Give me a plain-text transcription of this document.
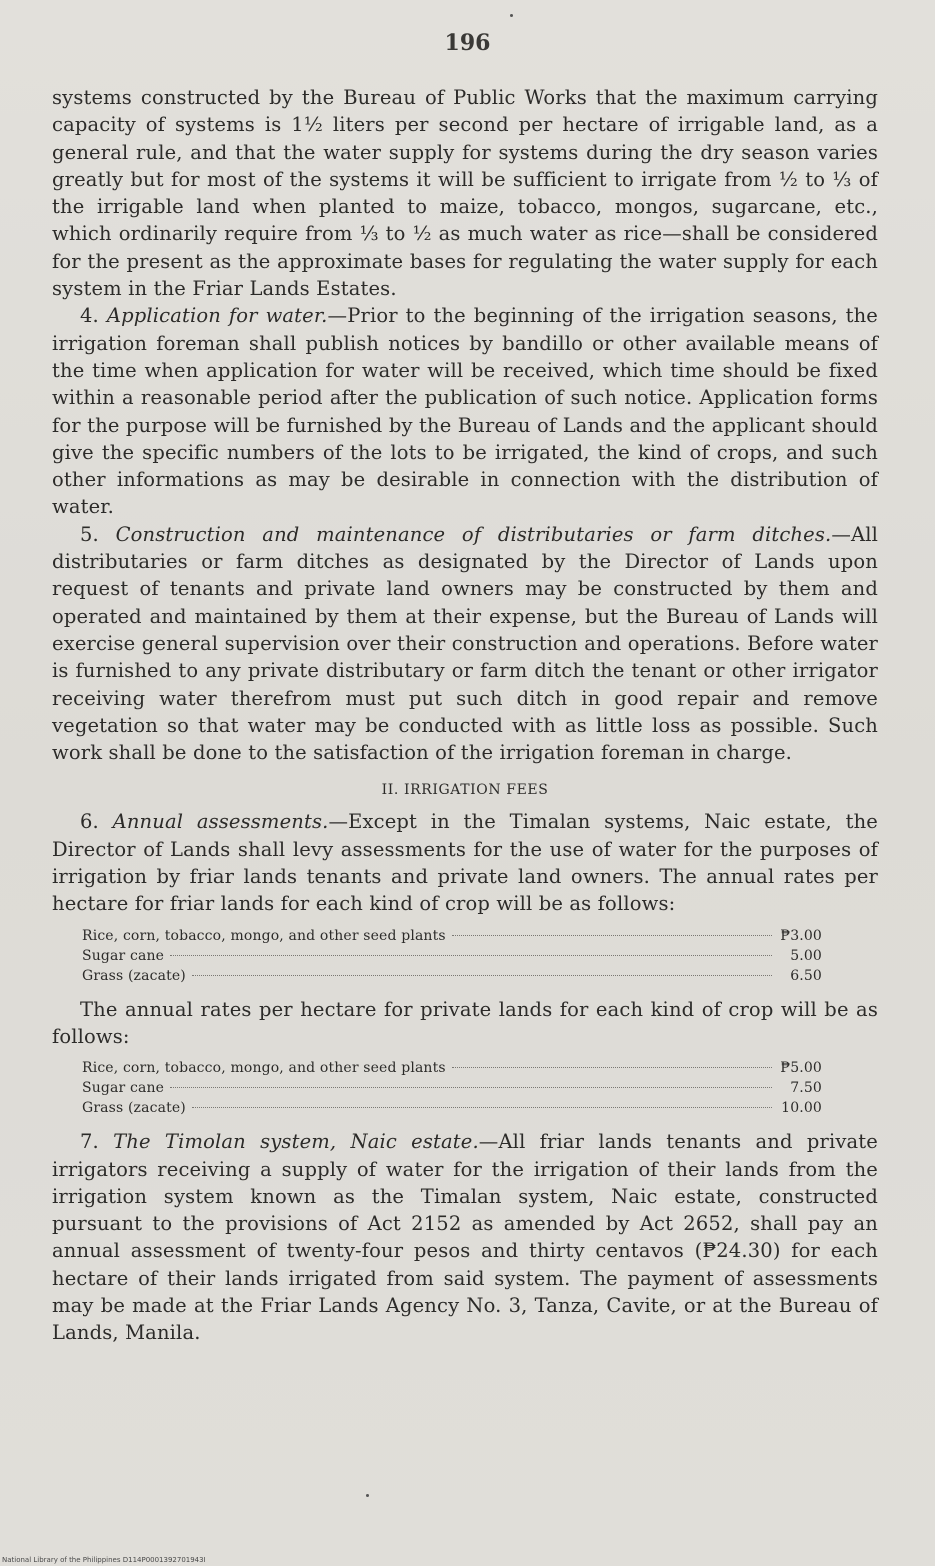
196

systems constructed by the Bureau of Public Works that the maximum carrying capacity of systems is 1½ liters per second per hectare of irrigable land, as a general rule, and that the water supply for systems during the dry season varies greatly but for most of the systems it will be sufficient to irrigate from ½ to ⅓ of the irrigable land when planted to maize, tobacco, mongos, sugarcane, etc., which ordinarily require from ⅓ to ½ as much water as rice—shall be considered for the present as the approximate bases for regulating the water supply for each system in the Friar Lands Estates.

4. Application for water.—Prior to the beginning of the irrigation seasons, the irrigation foreman shall publish notices by bandillo or other available means of the time when application for water will be received, which time should be fixed within a reasonable period after the publication of such notice. Application forms for the purpose will be furnished by the Bureau of Lands and the applicant should give the specific numbers of the lots to be irrigated, the kind of crops, and such other informations as may be desirable in connection with the distribution of water.

5. Construction and maintenance of distributaries or farm ditches.—All distributaries or farm ditches as designated by the Director of Lands upon request of tenants and private land owners may be constructed by them and operated and maintained by them at their expense, but the Bureau of Lands will exercise general supervision over their construction and operations. Before water is furnished to any private distributary or farm ditch the tenant or other irrigator receiving water therefrom must put such ditch in good repair and remove vegetation so that water may be conducted with as little loss as possible. Such work shall be done to the satisfaction of the irrigation foreman in charge.

II. IRRIGATION FEES

6. Annual assessments.—Except in the Timalan systems, Naic estate, the Director of Lands shall levy assessments for the use of water for the purposes of irrigation by friar lands tenants and private land owners. The annual rates per hectare for friar lands for each kind of crop will be as follows:

Rice, corn, tobacco, mongo, and other seed plants	₱3.00
Sugar cane	5.00
Grass (zacate)	6.50

The annual rates per hectare for private lands for each kind of crop will be as follows:

Rice, corn, tobacco, mongo, and other seed plants	₱5.00
Sugar cane	7.50
Grass (zacate)	10.00

7. The Timolan system, Naic estate.—All friar lands tenants and private irrigators receiving a supply of water for the irrigation of their lands from the irrigation system known as the Timalan system, Naic estate, constructed pursuant to the provisions of Act 2152 as amended by Act 2652, shall pay an annual assessment of twenty-four pesos and thirty centavos (₱24.30) for each hectare of their lands irrigated from said system. The payment of assessments may be made at the Friar Lands Agency No. 3, Tanza, Cavite, or at the Bureau of Lands, Manila.

National Library of the Philippines D114P0001392701943I
